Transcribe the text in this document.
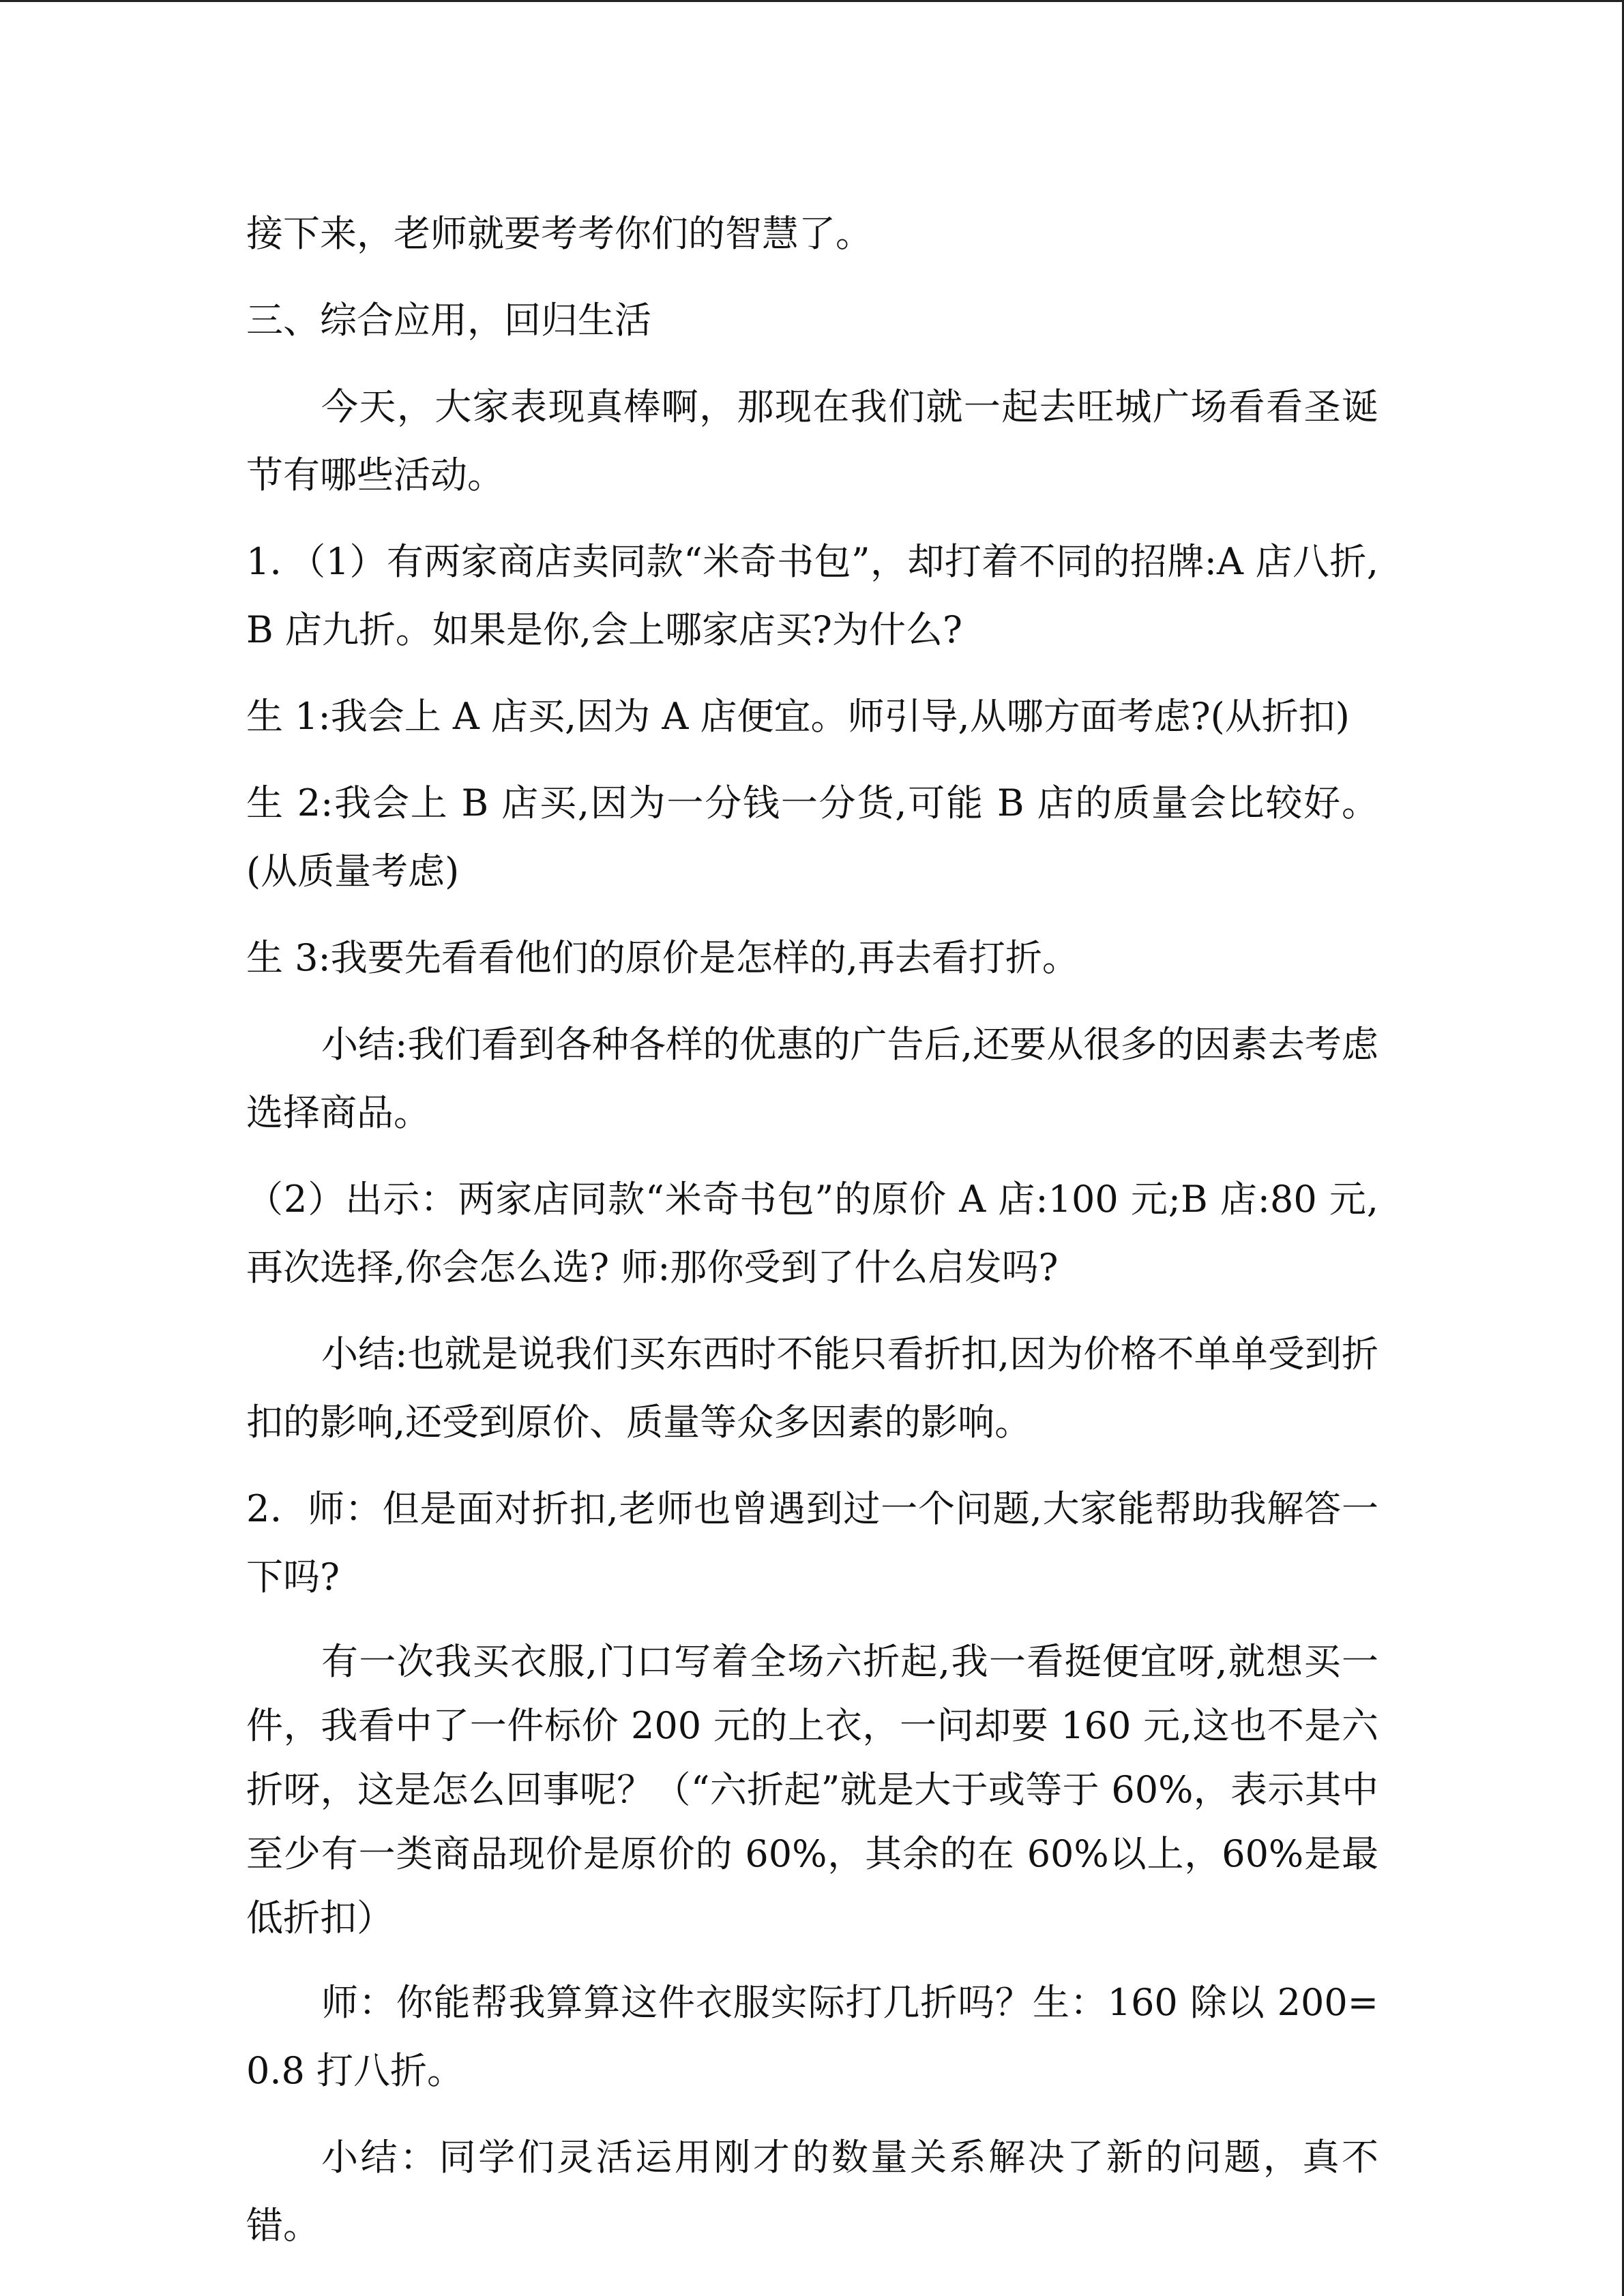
接下来，老师就要考考你们的智慧了。

三、综合应用，回归生活

今天，大家表现真棒啊，那现在我们就一起去旺城广场看看圣诞节有哪些活动。

1．（1）有两家商店卖同款“米奇书包”，却打着不同的招牌:A 店八折,B 店九折。如果是你,会上哪家店买?为什么?

生 1:我会上 A 店买,因为 A 店便宜。师引导,从哪方面考虑?(从折扣)

生 2:我会上 B 店买,因为一分钱一分货,可能 B 店的质量会比较好。(从质量考虑)

生 3:我要先看看他们的原价是怎样的,再去看打折。

小结:我们看到各种各样的优惠的广告后,还要从很多的因素去考虑选择商品。

（2）出示：两家店同款“米奇书包”的原价 A 店:100 元;B 店:80 元,再次选择,你会怎么选? 师:那你受到了什么启发吗?

小结:也就是说我们买东西时不能只看折扣,因为价格不单单受到折扣的影响,还受到原价、质量等众多因素的影响。

2．师：但是面对折扣,老师也曾遇到过一个问题,大家能帮助我解答一下吗?

有一次我买衣服,门口写着全场六折起,我一看挺便宜呀,就想买一件，我看中了一件标价 200 元的上衣，一问却要 160 元,这也不是六折呀，这是怎么回事呢？（“六折起”就是大于或等于 60%，表示其中至少有一类商品现价是原价的 60%，其余的在 60%以上，60%是最低折扣）

师：你能帮我算算这件衣服实际打几折吗？生：160 除以 200=0.8 打八折。

小结：同学们灵活运用刚才的数量关系解决了新的问题，真不错。
